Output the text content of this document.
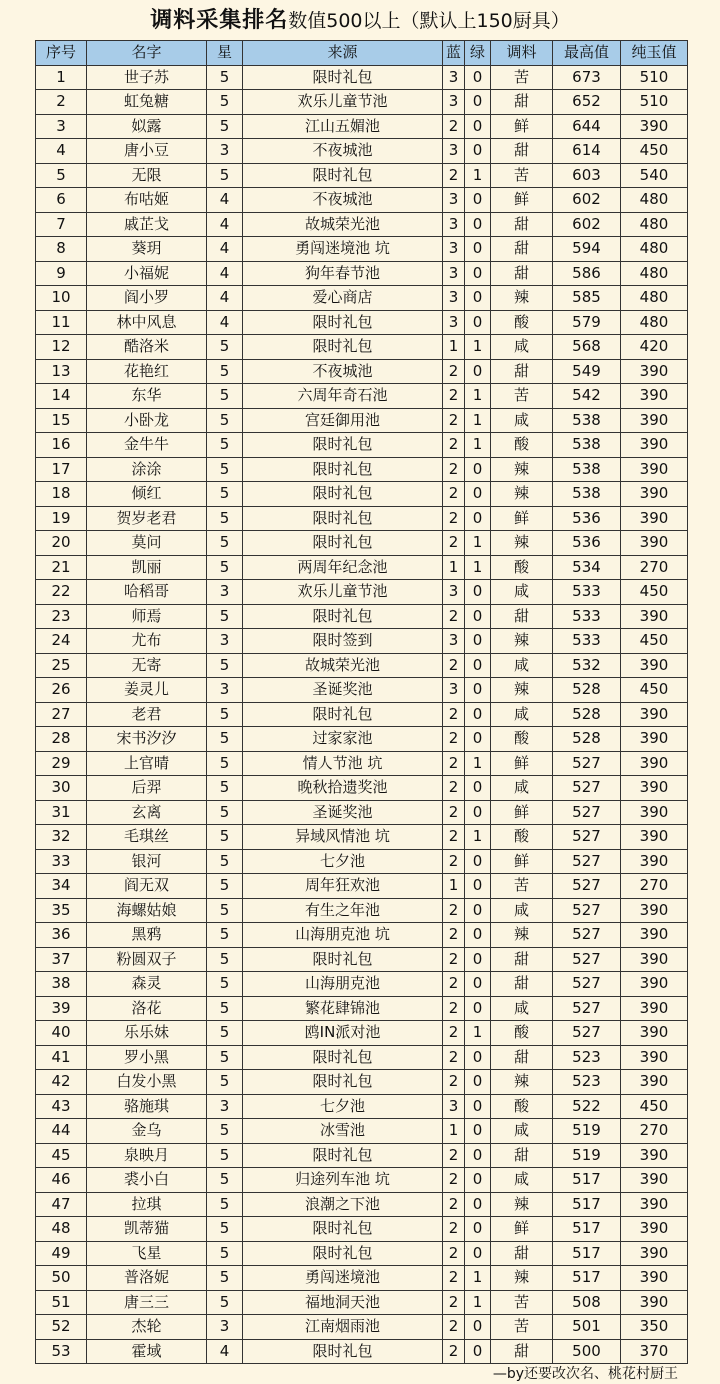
调料采集排名数值500以上（默认上150厨具）
序号	名字	星	来源	蓝	绿	调料	最高值	纯玉值
1	世子苏	5	限时礼包	3	0	苦	673	510
2	虹兔糖	5	欢乐儿童节池	3	0	甜	652	510
3	姒露	5	江山五媚池	2	0	鲜	644	390
4	唐小豆	3	不夜城池	3	0	甜	614	450
5	无限	5	限时礼包	2	1	苦	603	540
6	布咕姬	4	不夜城池	3	0	鲜	602	480
7	戚芷戈	4	故城荣光池	3	0	甜	602	480
8	葵玥	4	勇闯迷境池 坑	3	0	甜	594	480
9	小福妮	4	狗年春节池	3	0	甜	586	480
10	阎小罗	4	爱心商店	3	0	辣	585	480
11	林中风息	4	限时礼包	3	0	酸	579	480
12	酷洛米	5	限时礼包	1	1	咸	568	420
13	花艳红	5	不夜城池	2	0	甜	549	390
14	东华	5	六周年奇石池	2	1	苦	542	390
15	小卧龙	5	宫廷御用池	2	1	咸	538	390
16	金牛牛	5	限时礼包	2	1	酸	538	390
17	涂涂	5	限时礼包	2	0	辣	538	390
18	倾红	5	限时礼包	2	0	辣	538	390
19	贺岁老君	5	限时礼包	2	0	鲜	536	390
20	莫问	5	限时礼包	2	1	辣	536	390
21	凯丽	5	两周年纪念池	1	1	酸	534	270
22	哈稻哥	3	欢乐儿童节池	3	0	咸	533	450
23	师焉	5	限时礼包	2	0	甜	533	390
24	尤布	3	限时签到	3	0	辣	533	450
25	无寄	5	故城荣光池	2	0	咸	532	390
26	姜灵儿	3	圣诞奖池	3	0	辣	528	450
27	老君	5	限时礼包	2	0	咸	528	390
28	宋书汐汐	5	过家家池	2	0	酸	528	390
29	上官晴	5	情人节池 坑	2	1	鲜	527	390
30	后羿	5	晚秋拾遗奖池	2	0	咸	527	390
31	玄离	5	圣诞奖池	2	0	鲜	527	390
32	毛琪丝	5	异域风情池 坑	2	1	酸	527	390
33	银河	5	七夕池	2	0	鲜	527	390
34	阎无双	5	周年狂欢池	1	0	苦	527	270
35	海螺姑娘	5	有生之年池	2	0	咸	527	390
36	黑鸦	5	山海朋克池 坑	2	0	辣	527	390
37	粉圆双子	5	限时礼包	2	0	甜	527	390
38	森灵	5	山海朋克池	2	0	甜	527	390
39	洛花	5	繁花肆锦池	2	0	咸	527	390
40	乐乐妹	5	鸥IN派对池	2	1	酸	527	390
41	罗小黑	5	限时礼包	2	0	甜	523	390
42	白发小黑	5	限时礼包	2	0	辣	523	390
43	骆施琪	3	七夕池	3	0	酸	522	450
44	金乌	5	冰雪池	1	0	咸	519	270
45	泉映月	5	限时礼包	2	0	甜	519	390
46	裘小白	5	归途列车池 坑	2	0	咸	517	390
47	拉琪	5	浪潮之下池	2	0	辣	517	390
48	凯蒂猫	5	限时礼包	2	0	鲜	517	390
49	飞星	5	限时礼包	2	0	甜	517	390
50	普洛妮	5	勇闯迷境池	2	1	辣	517	390
51	唐三三	5	福地洞天池	2	1	苦	508	390
52	杰轮	3	江南烟雨池	2	0	苦	501	350
53	霍域	4	限时礼包	2	0	甜	500	370
—by还要改次名、桃花村厨王
